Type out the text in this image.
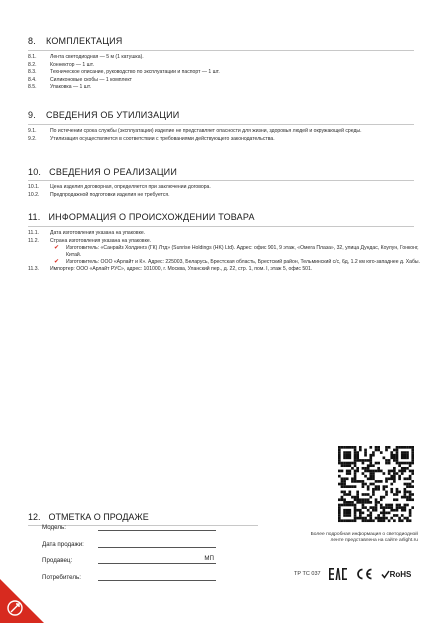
8. КОМПЛЕКТАЦИЯ
8.1.	Лента светодиодная — 5 м (1 катушка).
8.2.	Коннектор — 1 шт.
8.3.	Техническое описание, руководство по эксплуатации и паспорт — 1 шт.
8.4.	Силиконовые скобы — 1 комплект
8.5.	Упаковка — 1 шт.
9. СВЕДЕНИЯ ОБ УТИЛИЗАЦИИ
9.1.	По истечении срока службы (эксплуатации) изделие не представляет опасности для жизни, здоровья людей и окружающей среды.
9.2.	Утилизация осуществляется в соответствии с требованиями действующего законодательства.
10. СВЕДЕНИЯ О РЕАЛИЗАЦИИ
10.1.	Цена изделия договорная, определяется при заключении договора.
10.2.	Предпродажной подготовки изделия не требуется.
11. ИНФОРМАЦИЯ О ПРОИСХОЖДЕНИИ ТОВАРА
11.1.	Дата изготовления указана на упаковке.
11.2.	Страна изготовления указана на упаковке.
✔	Изготовитель: «Санрайз Холдингз (ГК) Лтд» (Sunrise Holdings (HK) Ltd). Адрес: офис 901, 9 этаж, «Омега Плаза», 32, улица Дундас, Коулун, Гонконг, Китай.
✔	Изготовитель: ООО «Арлайт и К». Адрес: 225003, Беларусь, Брестская область, Брестский район, Тельминский с/с, 6д, 1.2 км юго-западнее д. Хабы.
11.3.	Импортер: ООО «Арлайт РУС», адрес: 101000, г. Москва, Уланский пер., д. 22, стр. 1, пом. I, этаж 5, офис 501.
Более подробная информация о светодиодной ленте представлена на сайте arlight.ru
12. ОТМЕТКА О ПРОДАЖЕ
Модель:
Дата продажи:
Продавец:	МП
Потребитель:	ТР ТС 037	RoHS
